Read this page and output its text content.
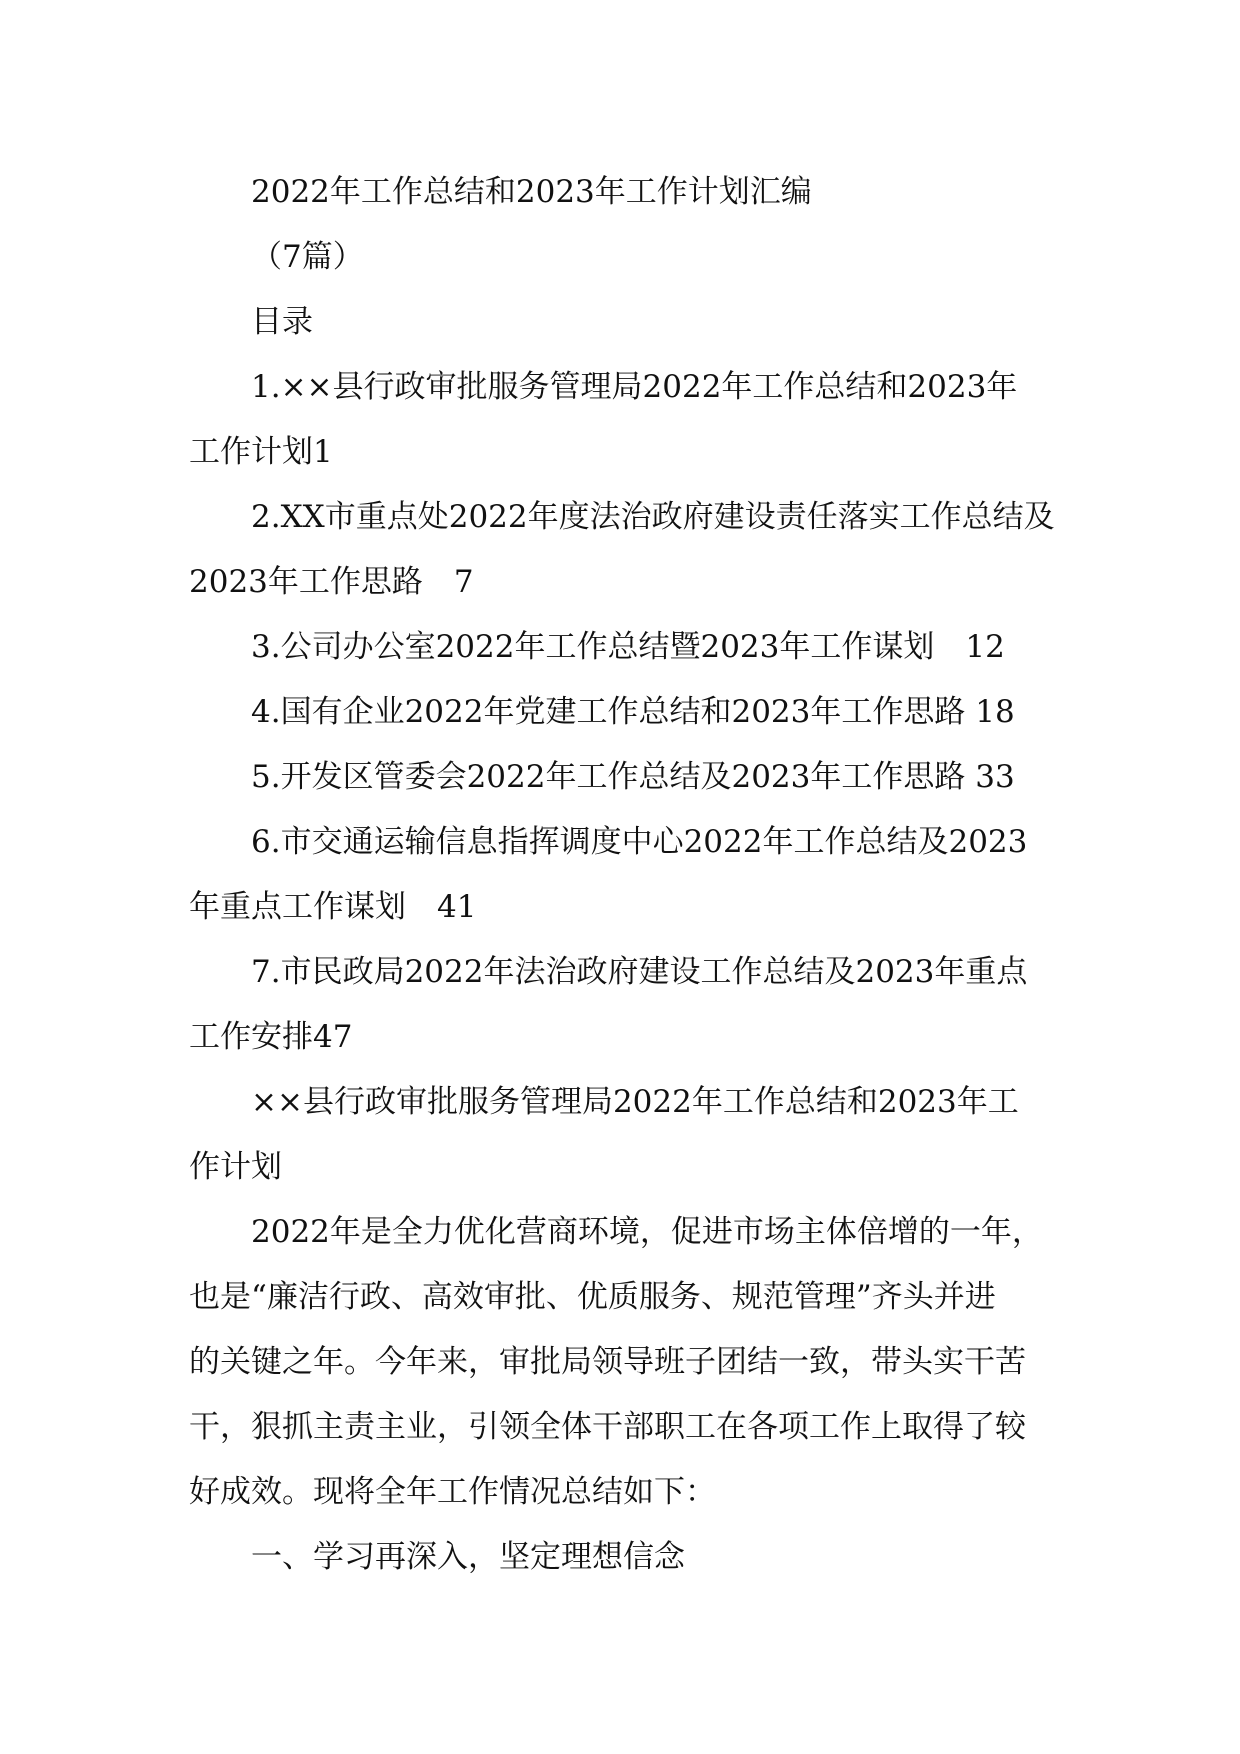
2022年工作总结和2023年工作计划汇编
（7篇）
目录
1.××县行政审批服务管理局2022年工作总结和2023年
工作计划1
2.XX市重点处2022年度法治政府建设责任落实工作总结及
2023年工作思路　7
3.公司办公室2022年工作总结暨2023年工作谋划　12
4.国有企业2022年党建工作总结和2023年工作思路 18
5.开发区管委会2022年工作总结及2023年工作思路 33
6.市交通运输信息指挥调度中心2022年工作总结及2023
年重点工作谋划　41
7.市民政局2022年法治政府建设工作总结及2023年重点
工作安排47
××县行政审批服务管理局2022年工作总结和2023年工
作计划
2022年是全力优化营商环境，促进市场主体倍增的一年，
也是“廉洁行政、高效审批、优质服务、规范管理”齐头并进
的关键之年。今年来，审批局领导班子团结一致，带头实干苦
干，狠抓主责主业，引领全体干部职工在各项工作上取得了较
好成效。现将全年工作情况总结如下：
一、学习再深入，坚定理想信念
